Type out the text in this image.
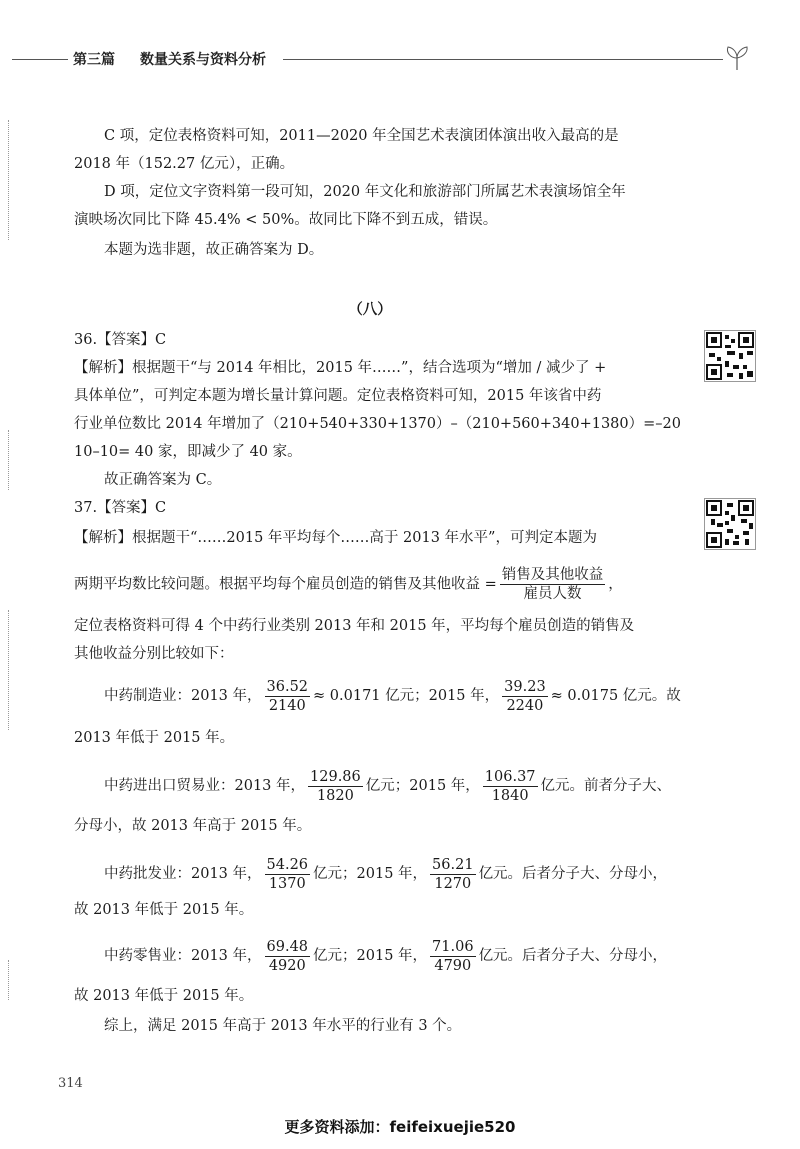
第三篇 数量关系与资料分析
C 项，定位表格资料可知，2011—2020 年全国艺术表演团体演出收入最高的是
2018 年（152.27 亿元），正确。
D 项，定位文字资料第一段可知，2020 年文化和旅游部门所属艺术表演场馆全年
演映场次同比下降 45.4% < 50%。故同比下降不到五成，错误。
本题为选非题，故正确答案为 D。
（八）
36.【答案】C
【解析】根据题干“与 2014 年相比，2015 年……”，结合选项为“增加 / 减少了 +
具体单位”，可判定本题为增长量计算问题。定位表格资料可知，2015 年该省中药
行业单位数比 2014 年增加了（210+540+330+1370）–（210+560+340+1380）=–20
10–10= 40 家，即减少了 40 家。
故正确答案为 C。
37.【答案】C
【解析】根据题干“……2015 年平均每个……高于 2013 年水平”，可判定本题为
两期平均数比较问题。根据平均每个雇员创造的销售及其他收益 = $\frac{\text{销售及其他收益}}{\text{雇员人数}}$ ，
定位表格资料可得 4 个中药行业类别 2013 年和 2015 年，平均每个雇员创造的销售及
其他收益分别比较如下：
中药制造业：2013 年， $\frac{36.52}{2140} \approx 0.0171$ 亿元；2015 年， $\frac{39.23}{2240} \approx 0.0175$ 亿元。故
2013 年低于 2015 年。
中药进出口贸易业：2013 年， $\frac{129.86}{1820}$ 亿元；2015 年， $\frac{106.37}{1840}$ 亿元。前者分子大、
分母小，故 2013 年高于 2015 年。
中药批发业：2013 年， $\frac{54.26}{1370}$ 亿元；2015 年， $\frac{56.21}{1270}$ 亿元。后者分子大、分母小，
故 2013 年低于 2015 年。
中药零售业：2013 年， $\frac{69.48}{4920}$ 亿元；2015 年， $\frac{71.06}{4790}$ 亿元。后者分子大、分母小，
故 2013 年低于 2015 年。
综上，满足 2015 年高于 2013 年水平的行业有 3 个。
314
更多资料添加：feifeixuejie520
